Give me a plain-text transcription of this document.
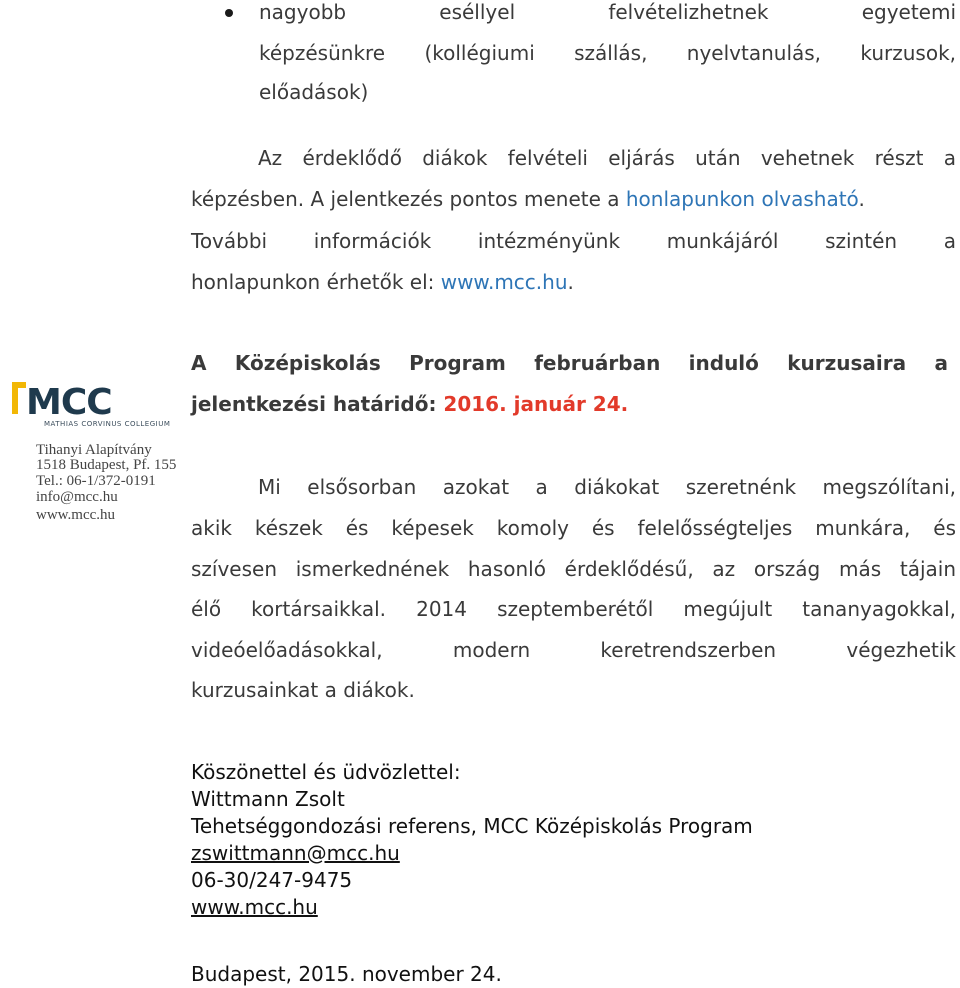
nagyobb	eséllyel	felvételizhetnek	egyetemi
képzésünkre (kollégiumi szállás, nyelvtanulás, kurzusok,
előadások)
Az érdeklődő diákok felvételi eljárás után vehetnek részt a
képzésben. A jelentkezés pontos menete a honlapunkon olvasható.
További információk intézményünk munkájáról szintén a
honlapunkon érhetők el: www.mcc.hu.
A Középiskolás Program februárban induló kurzusaira a
jelentkezési határidő: 2016. január 24.
MCC
MATHIAS CORVINUS COLLEGIUM
Tihanyi Alapítvány
1518 Budapest, Pf. 155
Tel.: 06-1/372-0191
info@mcc.hu
www.mcc.hu
Mi elsősorban azokat a diákokat szeretnénk megszólítani,
akik készek és képesek komoly és felelősségteljes munkára, és
szívesen ismerkednének hasonló érdeklődésű, az ország más tájain
élő kortársaikkal. 2014 szeptemberétől megújult tananyagokkal,
videóelőadásokkal, modern keretrendszerben végezhetik
kurzusainkat a diákok.
Köszönettel és üdvözlettel:
Wittmann Zsolt
Tehetséggondozási referens, MCC Középiskolás Program
zswittmann@mcc.hu
06-30/247-9475
www.mcc.hu
Budapest, 2015. november 24.
